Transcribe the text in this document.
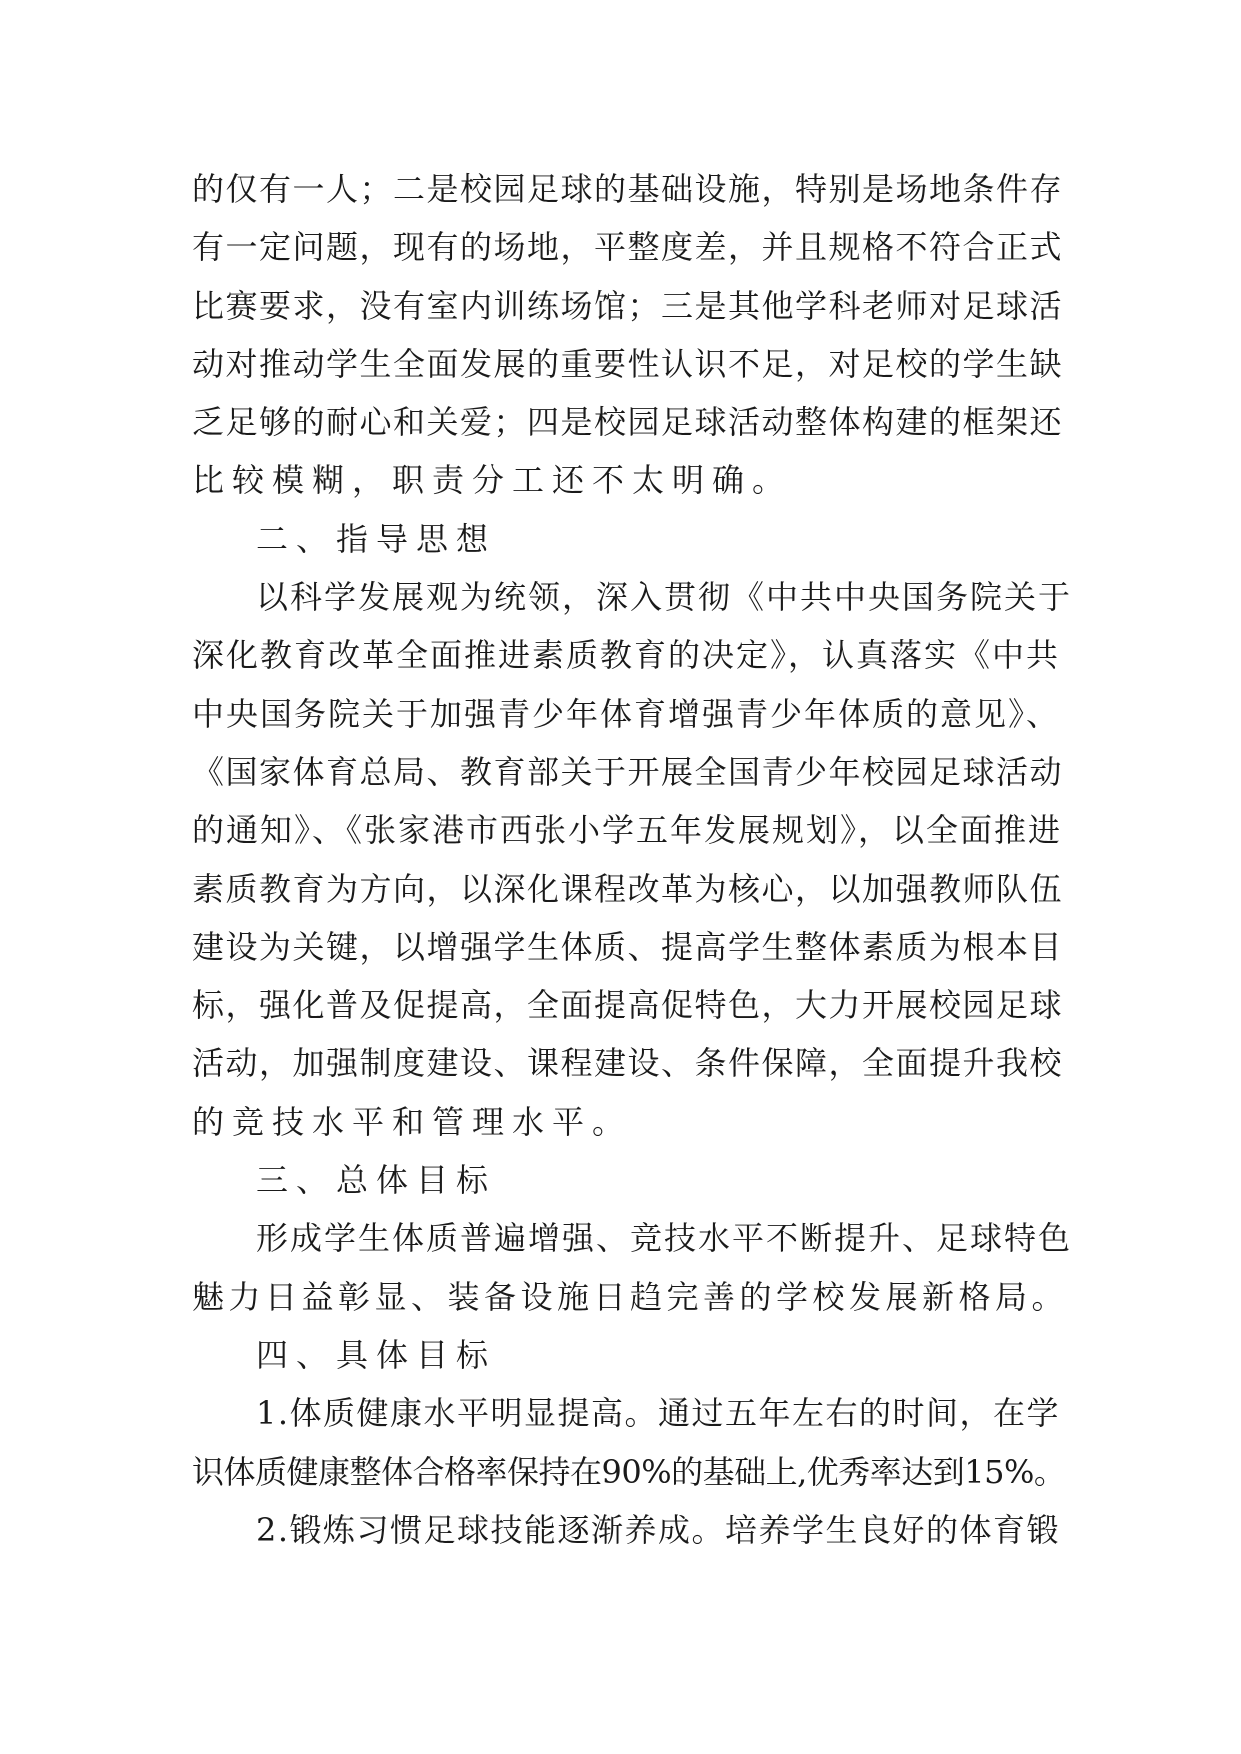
的仅有一人；二是校园足球的基础设施，特别是场地条件存
有一定问题，现有的场地，平整度差，并且规格不符合正式
比赛要求，没有室内训练场馆；三是其他学科老师对足球活
动对推动学生全面发展的重要性认识不足，对足校的学生缺
乏足够的耐心和关爱；四是校园足球活动整体构建的框架还
比较模糊，职责分工还不太明确。
二、指导思想
以科学发展观为统领，深入贯彻《中共中央国务院关于
深化教育改革全面推进素质教育的决定》，认真落实《中共
中央国务院关于加强青少年体育增强青少年体质的意见》、
《国家体育总局、教育部关于开展全国青少年校园足球活动
的通知》、《张家港市西张小学五年发展规划》，以全面推进
素质教育为方向，以深化课程改革为核心，以加强教师队伍
建设为关键，以增强学生体质、提高学生整体素质为根本目
标，强化普及促提高，全面提高促特色，大力开展校园足球
活动，加强制度建设、课程建设、条件保障，全面提升我校
的竞技水平和管理水平。
三、总体目标
形成学生体质普遍增强、竞技水平不断提升、足球特色
魅力日益彰显、装备设施日趋完善的学校发展新格局。
四、具体目标
1.体质健康水平明显提高。通过五年左右的时间，在学
识体质健康整体合格率保持在90%的基础上,优秀率达到15%。
2.锻炼习惯足球技能逐渐养成。培养学生良好的体育锻
